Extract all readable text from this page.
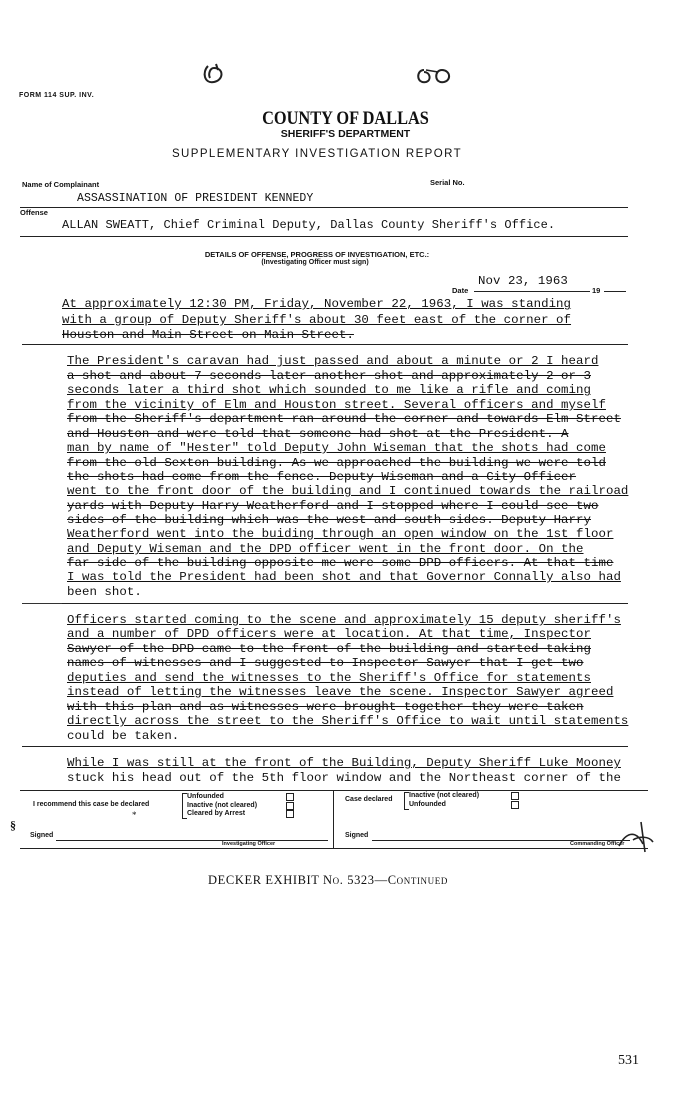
FORM 114 SUP. INV.
COUNTY OF DALLAS
SHERIFF'S DEPARTMENT
SUPPLEMENTARY INVESTIGATION REPORT
Name of Complainant	Serial No.
ASSASSINATION OF PRESIDENT KENNEDY
Offense
ALLAN SWEATT, Chief Criminal Deputy, Dallas County Sheriff's Office.
DETAILS OF OFFENSE, PROGRESS OF INVESTIGATION, ETC.:
(Investigating Officer must sign)
Date
Nov 23, 1963
19
At approximately 12:30 PM, Friday, November 22, 1963, I was standing
with a group of Deputy Sheriff's about 30 feet east of the corner of
Houston and Main Street on Main Street.
The President's caravan had just passed and about a minute or 2 I heard
a shot and about 7 seconds later another shot and approximately 2 or 3
seconds later a third shot which sounded to me like a rifle and coming
from the vicinity of Elm and Houston street. Several officers and myself
from the Sheriff's department ran around the corner and towards Elm Street
and Houston and were told that someone had shot at the President. A
man by name of "Hester" told Deputy John Wiseman that the shots had come
from the old Sexton building. As we approached the building we were told
the shots had come from the fence. Deputy Wiseman and a City Officer
went to the front door of the building and I continued towards the railroad
yards with Deputy Harry Weatherford and I stopped where I could see two
sides of the building which was the west and south sides. Deputy Harry
Weatherford went into the buiding through an open window on the 1st floor
and Deputy Wiseman and the DPD officer went in the front door. On the
far side of the building opposite me were some DPD officers. At that time
I was told the President had been shot and that Governor Connally also had
been shot.
Officers started coming to the scene and approximately 15 deputy sheriff's
and a number of DPD officers were at location. At that time, Inspector
Sawyer of the DPD came to the front of the building and started taking
names of witnesses and I suggested to Inspector Sawyer that I get two
deputies and send the witnesses to the Sheriff's Office for statements
instead of letting the witnesses leave the scene. Inspector Sawyer agreed
with this plan and as witnesses were brought together they were taken
directly across the street to the Sheriff's Office to wait until statements
could be taken.
While I was still at the front of the Building, Deputy Sheriff Luke Mooney
stuck his head out of the 5th floor window and the Northeast corner of the
I recommend this case be declared
Unfounded
Inactive (not cleared)
Cleared by Arrest
*
Case declared
Inactive (not cleared)
Unfounded
§
Signed
Investigating Officer
Signed
Commanding Officer
DECKER EXHIBIT No. 5323—Continued
531
